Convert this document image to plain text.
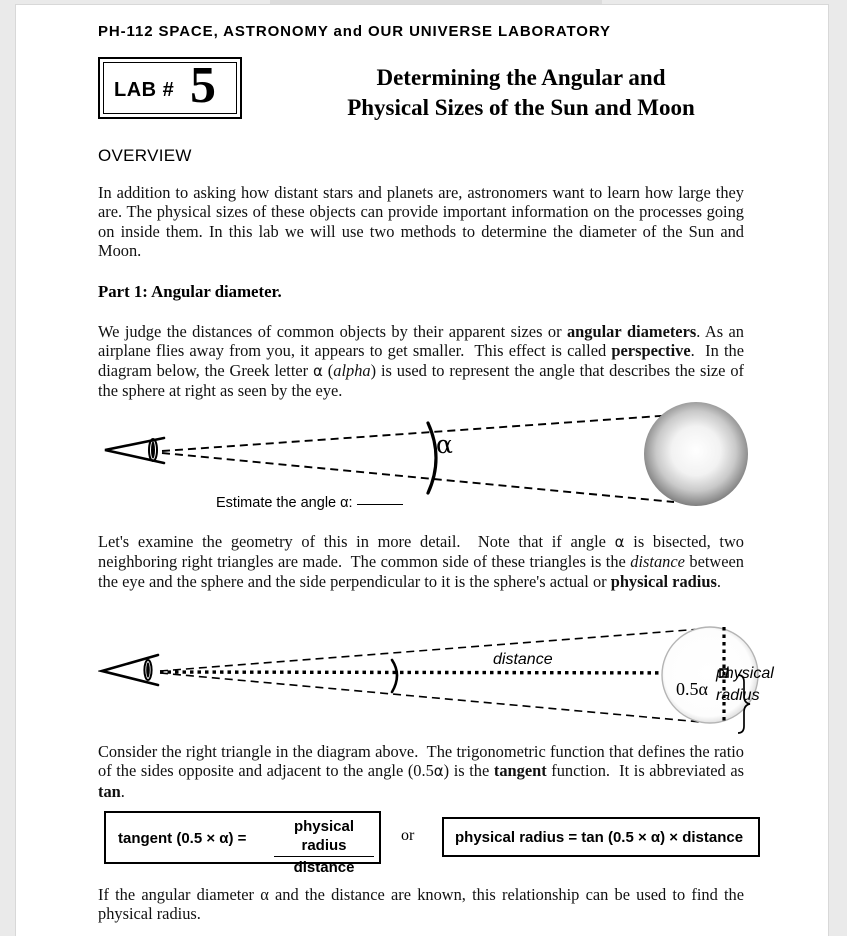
PH-112 SPACE, ASTRONOMY and OUR UNIVERSE LABORATORY
LAB # 5	Determining the Angular and
Physical Sizes of the Sun and Moon
OVERVIEW
In addition to asking how distant stars and planets are, astronomers want to learn how large they are. The physical sizes of these objects can provide important information on the processes going on inside them. In this lab we will use two methods to determine the diameter of the Sun and Moon.
Part 1: Angular diameter.
We judge the distances of common objects by their apparent sizes or angular diameters. As an airplane flies away from you, it appears to get smaller.  This effect is called perspective.  In the diagram below, the Greek letter α (alpha) is used to represent the angle that describes the size of the sphere at right as seen by the eye.
α
Estimate the angle α:
Let's examine the geometry of this in more detail.  Note that if angle α is bisected, two neighboring right triangles are made.  The common side of these triangles is the distance between the eye and the sphere and the side perpendicular to it is the sphere's actual or physical radius.
0.5α
distance
physical
radius
Consider the right triangle in the diagram above.  The trigonometric function that defines the ratio of the sides opposite and adjacent to the angle (0.5α) is the tangent function.  It is abbreviated as tan.
tangent (0.5 × α) =
physical radius
distance
or	physical radius = tan (0.5 × α) × distance
If the angular diameter α and the distance are known, this relationship can be used to find the physical radius.
